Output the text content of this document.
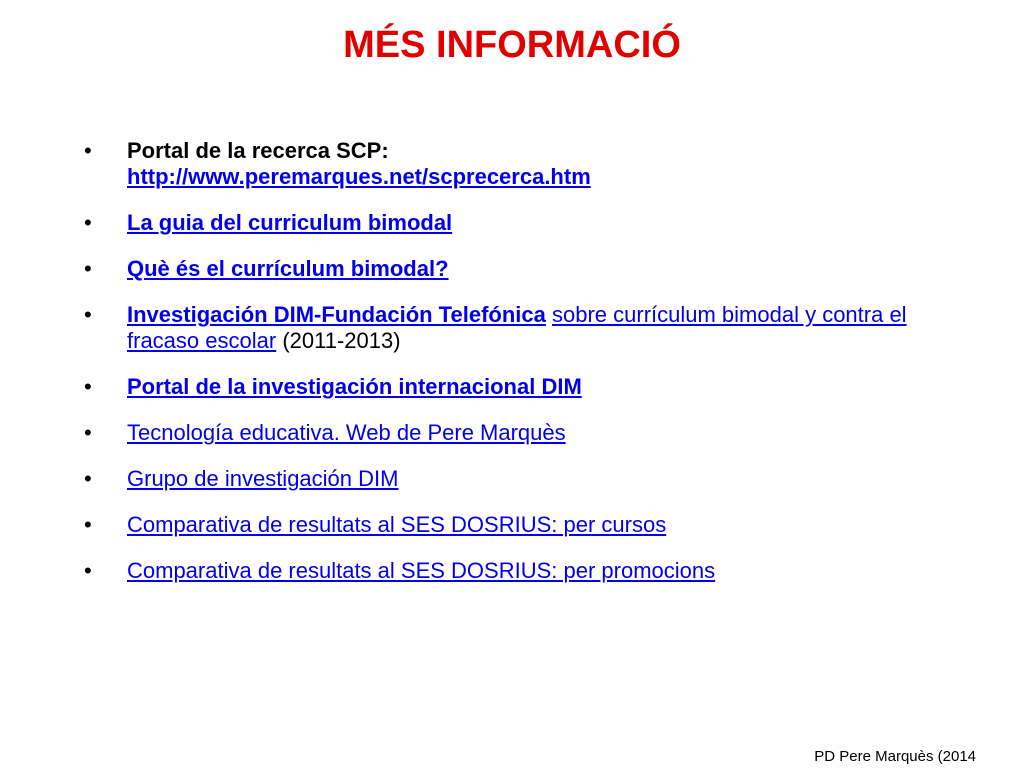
MÉS INFORMACIÓ
•	Portal de la recerca SCP:
http://www.peremarques.net/scprecerca.htm
•	La guia del curriculum bimodal
•	Què és el currículum bimodal?
•	Investigación DIM-Fundación Telefónica sobre currículum bimodal y contra el fracaso escolar (2011-2013)
•	Portal de la investigación internacional DIM
•	Tecnología educativa. Web de Pere Marquès
•	Grupo de investigación DIM
•	Comparativa de resultats al SES DOSRIUS: per cursos
•	Comparativa de resultats al SES DOSRIUS: per promocions
PD Pere Marquès (2014
